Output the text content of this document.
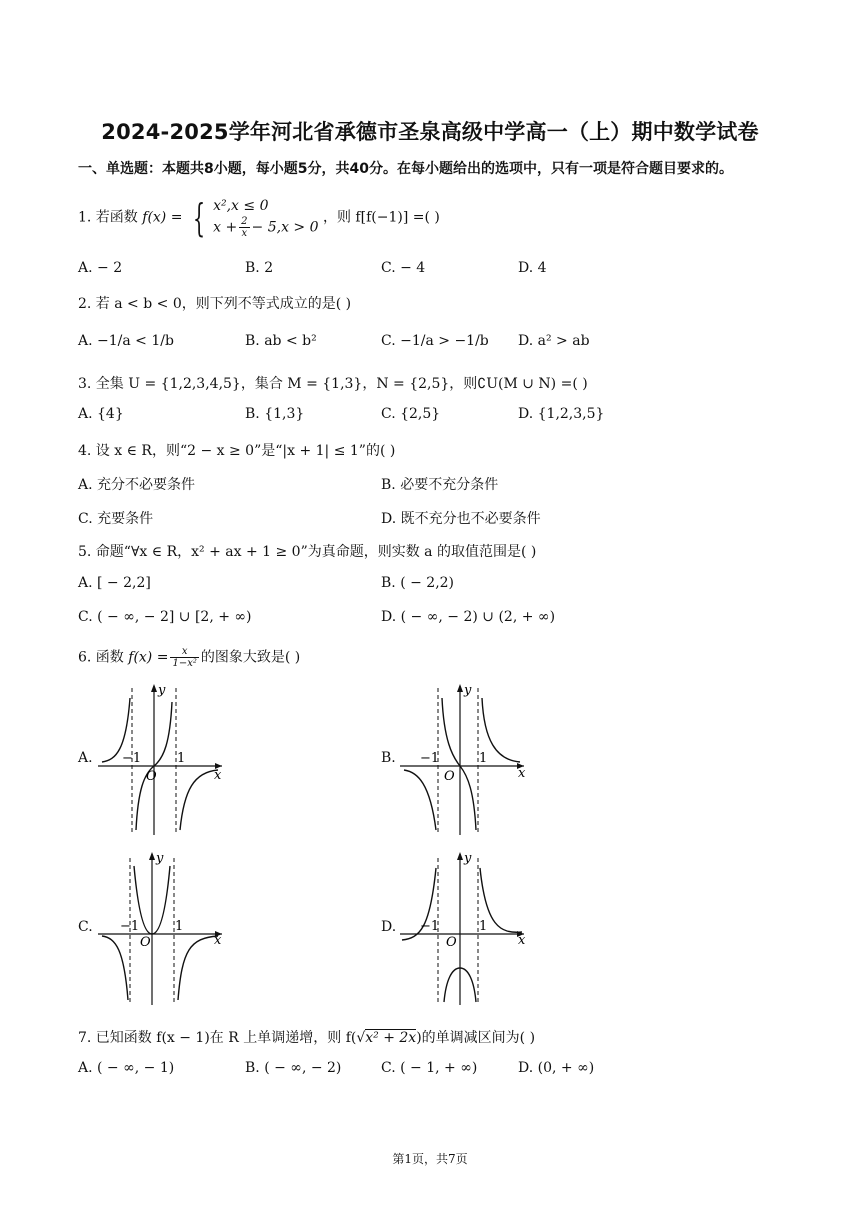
2024-2025学年河北省承德市圣泉高级中学高一（上）期中数学试卷
一、单选题：本题共8小题，每小题5分，共40分。在每小题给出的选项中，只有一项是符合题目要求的。
1. 若函数 f(x) = { x²,x ≤ 0
$x + \frac{2}{x} - 5,x > 0$
，则 f[f(−1)] =( )
A. − 2	B. 2	C. − 4	D. 4
2. 若 a < b < 0，则下列不等式成立的是( )
A. −1/a < 1/b	B. ab < b²	C. −1/a > −1/b D. a² > ab
3. 全集 U = {1,2,3,4,5}，集合 M = {1,3}，N = {2,5}，则∁U(M ∪ N) =( )
A. {4}	B. {1,3}	C. {2,5}	D. {1,2,3,5}
4. 设 x ∈ R，则“2 − x ≥ 0”是“|x + 1| ≤ 1”的( )
A. 充分不必要条件	B. 必要不充分条件
C. 充要条件	D. 既不充分也不必要条件
5. 命题“∀x ∈ R，x² + ax + 1 ≥ 0”为真命题，则实数 a 的取值范围是( )
A. [ − 2,2]	B. ( − 2,2)
C. ( − ∞, − 2] ∪ [2, + ∞)	D. ( − ∞, − 2) ∪ (2, + ∞)
6. 函数 $f(x) = \frac{x}{\text{1−x²}}$ 的图象大致是( )
A.	B.
C.	D.
−1	1
O	x
y
−1	1
O	x
y
−1	1
O	x
y
−1	1
O	x
y
7. 已知函数 f(x − 1)在 R 上单调递增，则 f(√x² + 2x)的单调减区间为( )
A. ( − ∞, − 1)	B. ( − ∞, − 2)	C. ( − 1, + ∞)	D. (0, + ∞)
第1页，共7页
